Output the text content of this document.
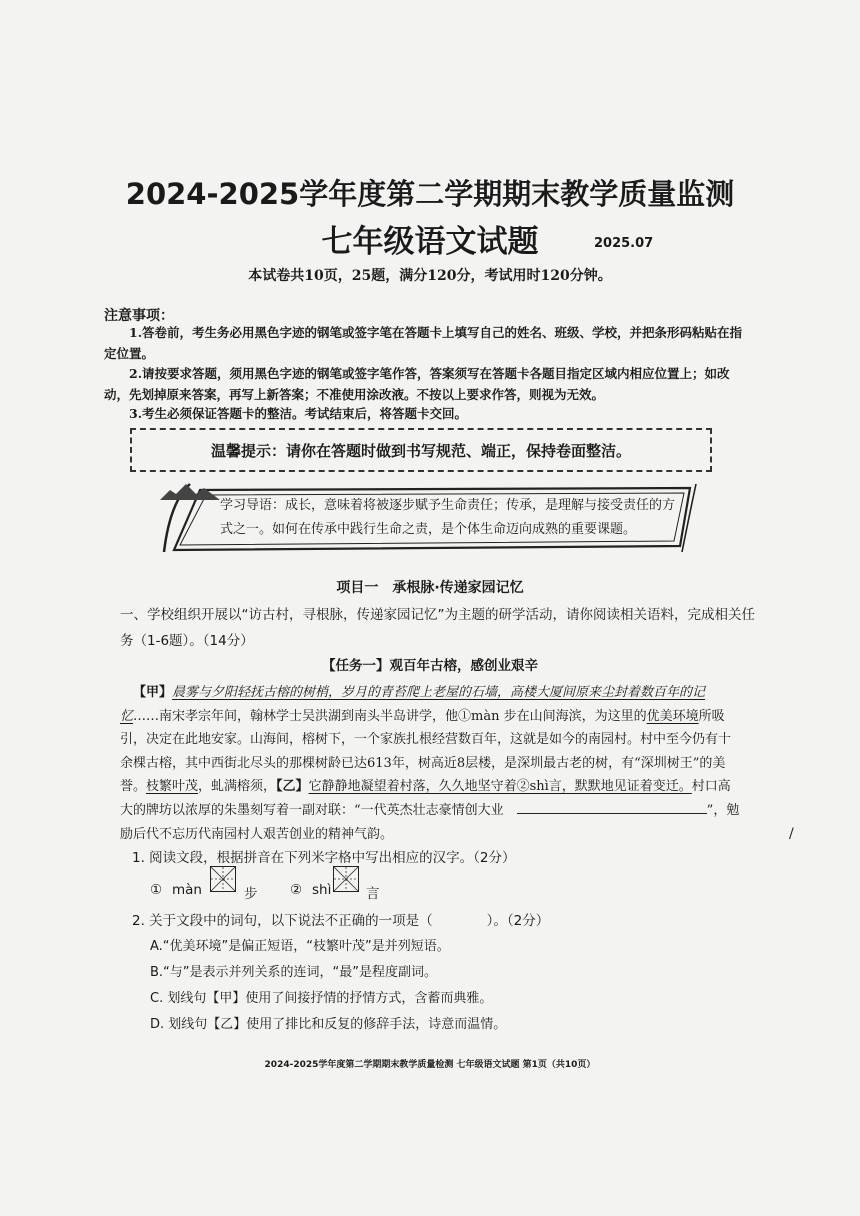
2024-2025学年度第二学期期末教学质量监测
七年级语文试题	2025.07
本试卷共10页，25题，满分120分，考试用时120分钟。
注意事项：
1.答卷前，考生务必用黑色字迹的钢笔或签字笔在答题卡上填写自己的姓名、班级、学校，并把条形码粘贴在指定位置。
2.请按要求答题，须用黑色字迹的钢笔或签字笔作答，答案须写在答题卡各题目指定区域内相应位置上；如改动，先划掉原来答案，再写上新答案；不准使用涂改液。不按以上要求作答，则视为无效。
3.考生必须保证答题卡的整洁。考试结束后，将答题卡交回。
温馨提示：请你在答题时做到书写规范、端正，保持卷面整洁。
学习导语：成长，意味着将被逐步赋予生命责任；传承，是理解与接受责任的方式之一。如何在传承中践行生命之责，是个体生命迈向成熟的重要课题。
项目一　承根脉·传递家园记忆
一、学校组织开展以“访古村，寻根脉，传递家园记忆”为主题的研学活动，请你阅读相关语料，完成相关任务（1-6题）。（14分）
【任务一】观百年古榕，感创业艰辛
【甲】晨雾与夕阳轻抚古榕的树梢，岁月的青苔爬上老屋的石墙，高楼大厦间原来尘封着数百年的记忆……南宋孝宗年间，翰林学士吴洪湖到南头半岛讲学，他①màn 步在山间海滨，为这里的优美环境所吸引，决定在此地安家。山海间，榕树下，一个家族扎根经营数百年，这就是如今的南园村。村中至今仍有十余棵古榕，其中西街北尽头的那棵树龄已达613年，树高近8层楼，是深圳最古老的树，有“深圳树王”的美誉。枝繁叶茂，虬满榕须，【乙】它静静地凝望着村落，久久地坚守着②shì言，默默地见证着变迁。村口高大的牌坊以浓厚的朱墨刻写着一副对联：“一代英杰壮志豪情创大业　	”，勉励后代不忘历代南园村人艰苦创业的精神气韵。	/
1. 阅读文段，根据拼音在下列米字格中写出相应的汉字。（2分）
① màn	步 ② shì	言
2. 关于文段中的词句，以下说法不正确的一项是（　　　　）。（2分）
A.“优美环境”是偏正短语，“枝繁叶茂”是并列短语。
B.“与”是表示并列关系的连词，“最”是程度副词。
C. 划线句【甲】使用了间接抒情的抒情方式，含蓄而典雅。
D. 划线句【乙】使用了排比和反复的修辞手法，诗意而温情。
2024-2025学年度第二学期期末教学质量检测 七年级语文试题 第1页（共10页）
